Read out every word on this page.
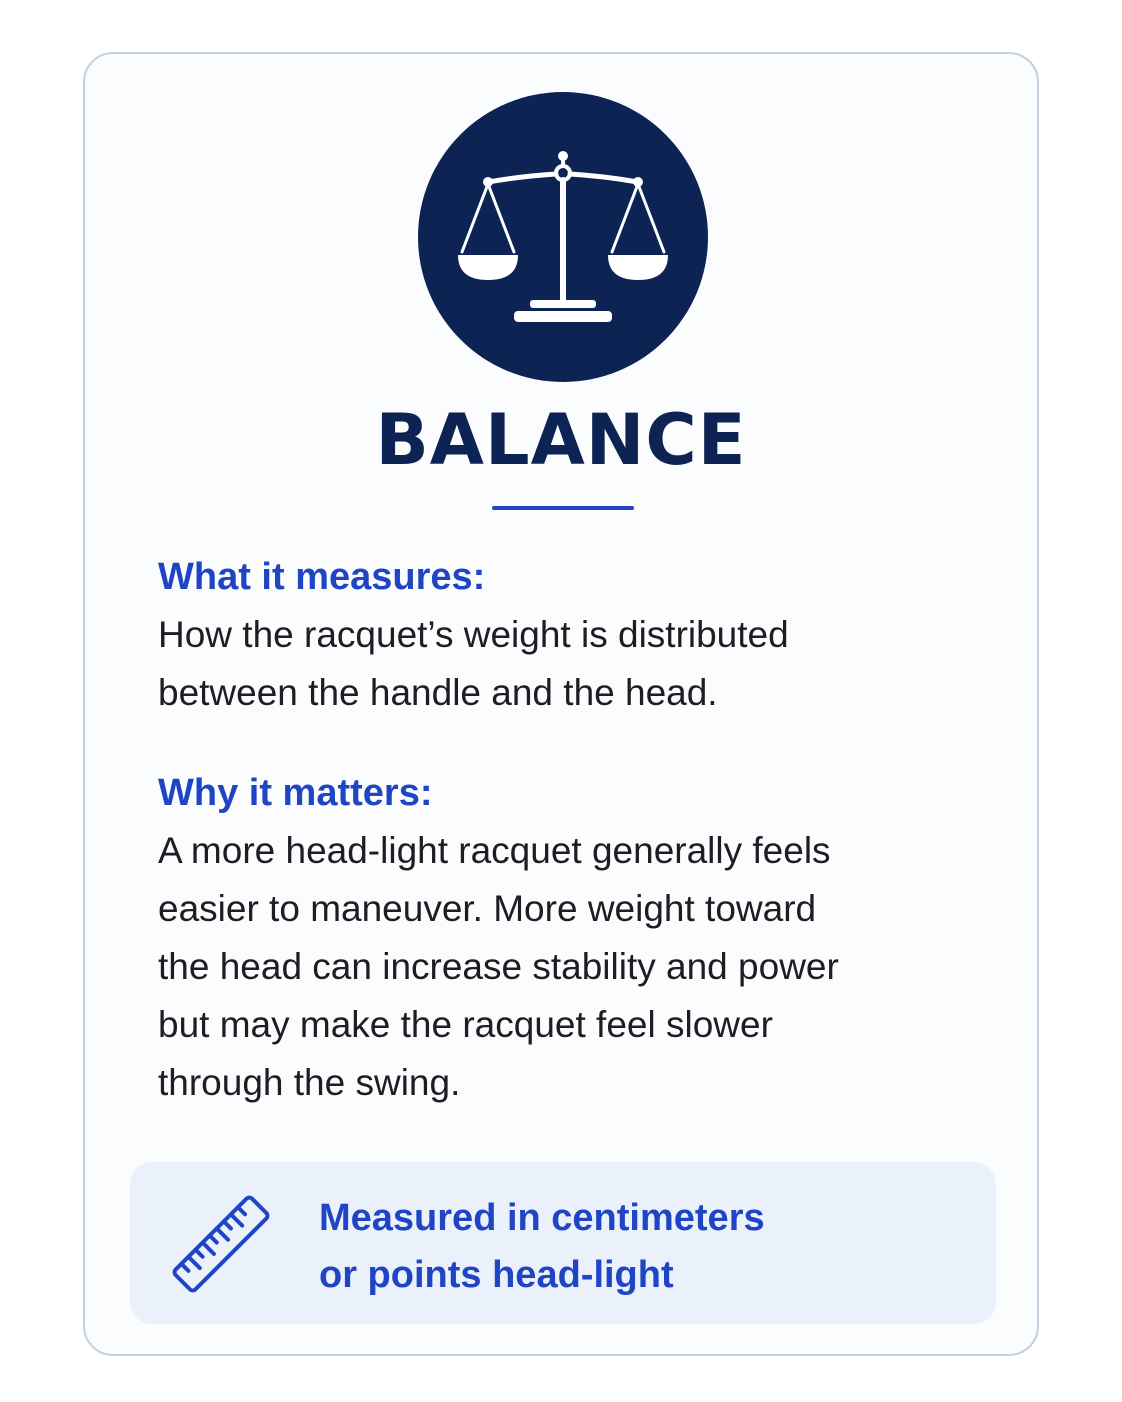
BALANCE
What it measures:
How the racquet’s weight is distributed
between the handle and the head.
Why it matters:
A more head-light racquet generally feels
easier to maneuver. More weight toward
the head can increase stability and power
but may make the racquet feel slower
through the swing.
Measured in centimeters
or points head-light
